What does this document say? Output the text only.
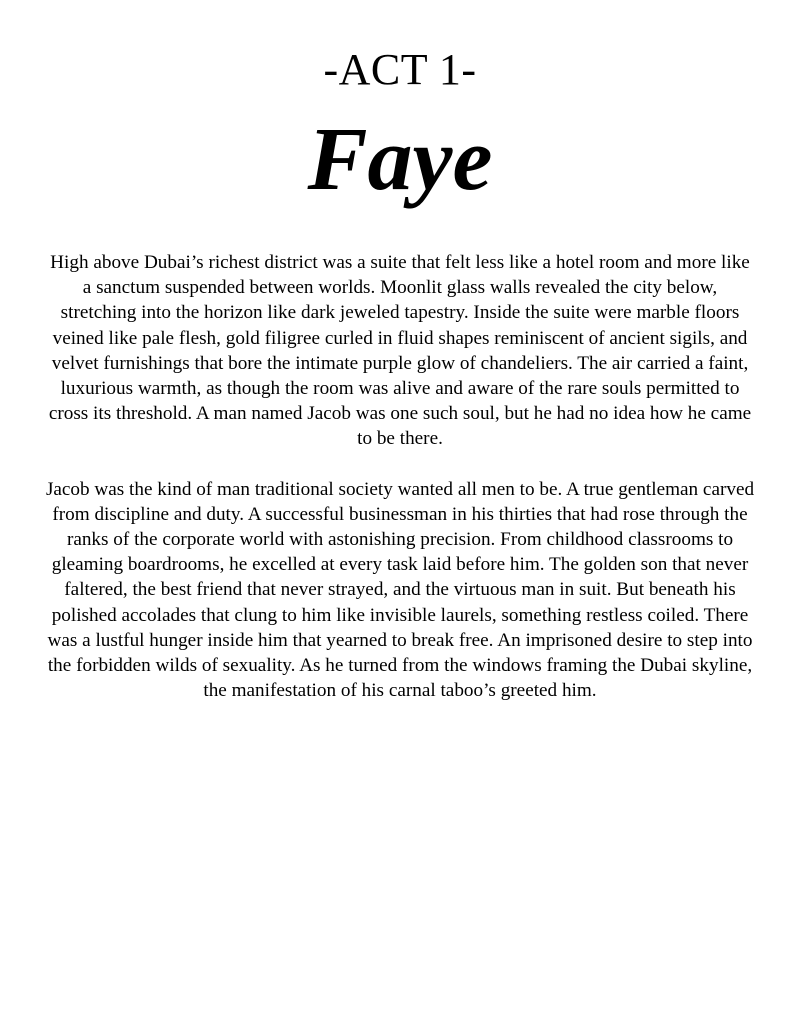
-ACT 1-
Faye

High above Dubai’s richest district was a suite that felt less like a hotel room and more like a sanctum suspended between worlds. Moonlit glass walls revealed the city below, stretching into the horizon like dark jeweled tapestry. Inside the suite were marble floors veined like pale flesh, gold filigree curled in fluid shapes reminiscent of ancient sigils, and velvet furnishings that bore the intimate purple glow of chandeliers. The air carried a faint, luxurious warmth, as though the room was alive and aware of the rare souls permitted to cross its threshold. A man named Jacob was one such soul, but he had no idea how he came to be there.

Jacob was the kind of man traditional society wanted all men to be. A true gentleman carved from discipline and duty. A successful businessman in his thirties that had rose through the ranks of the corporate world with astonishing precision. From childhood classrooms to gleaming boardrooms, he excelled at every task laid before him. The golden son that never faltered, the best friend that never strayed, and the virtuous man in suit. But beneath his polished accolades that clung to him like invisible laurels, something restless coiled. There was a lustful hunger inside him that yearned to break free. An imprisoned desire to step into the forbidden wilds of sexuality. As he turned from the windows framing the Dubai skyline, the manifestation of his carnal taboo’s greeted him.
